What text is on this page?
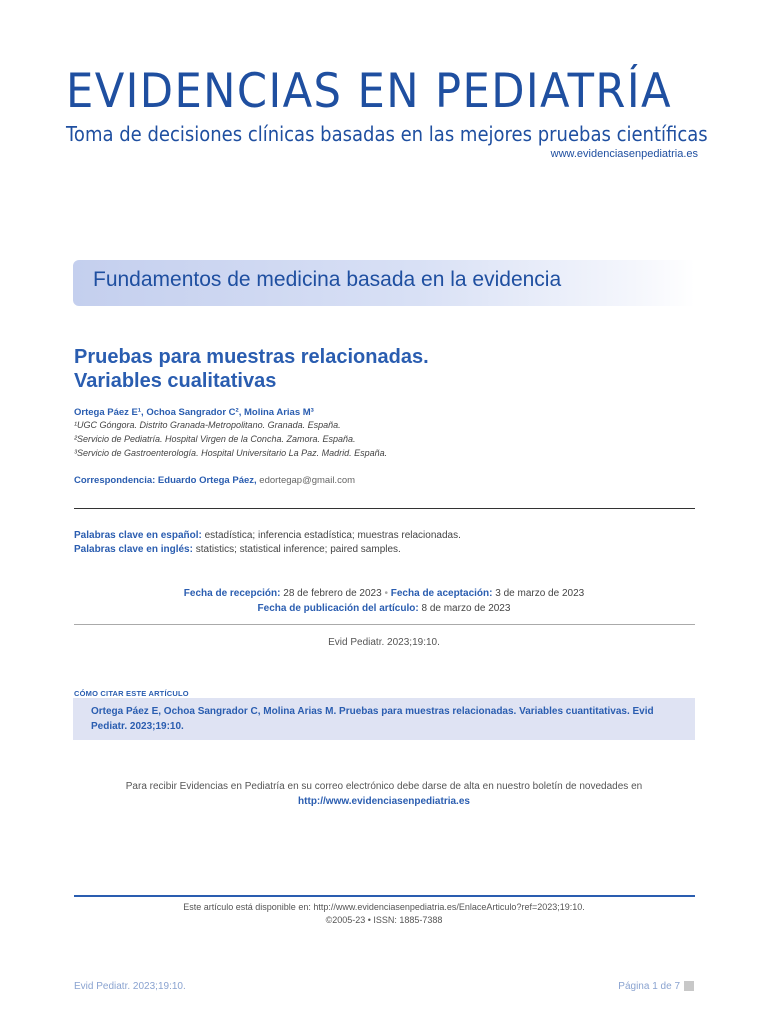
EVIDENCIAS EN PEDIATRÍA
Toma de decisiones clínicas basadas en las mejores pruebas científicas
www.evidenciasenpediatria.es
Fundamentos de medicina basada en la evidencia
Pruebas para muestras relacionadas.
Variables cualitativas
Ortega Páez E¹, Ochoa Sangrador C², Molina Arias M³
¹UGC Góngora. Distrito Granada-Metropolitano. Granada. España.
²Servicio de Pediatría. Hospital Virgen de la Concha. Zamora. España.
³Servicio de Gastroenterología. Hospital Universitario La Paz. Madrid. España.
Correspondencia: Eduardo Ortega Páez, edortegap@gmail.com
Palabras clave en español: estadística; inferencia estadística; muestras relacionadas.
Palabras clave en inglés: statistics; statistical inference; paired samples.
Fecha de recepción: 28 de febrero de 2023 • Fecha de aceptación: 3 de marzo de 2023
Fecha de publicación del artículo: 8 de marzo de 2023
Evid Pediatr. 2023;19:10.
CÓMO CITAR ESTE ARTÍCULO
Ortega Páez E, Ochoa Sangrador C, Molina Arias M. Pruebas para muestras relacionadas. Variables cuantitativas. Evid Pediatr. 2023;19:10.
Para recibir Evidencias en Pediatría en su correo electrónico debe darse de alta en nuestro boletín de novedades en
http://www.evidenciasenpediatria.es
Este artículo está disponible en: http://www.evidenciasenpediatria.es/EnlaceArticulo?ref=2023;19:10.
©2005-23 • ISSN: 1885-7388
Evid Pediatr. 2023;19:10.	Página 1 de 7
